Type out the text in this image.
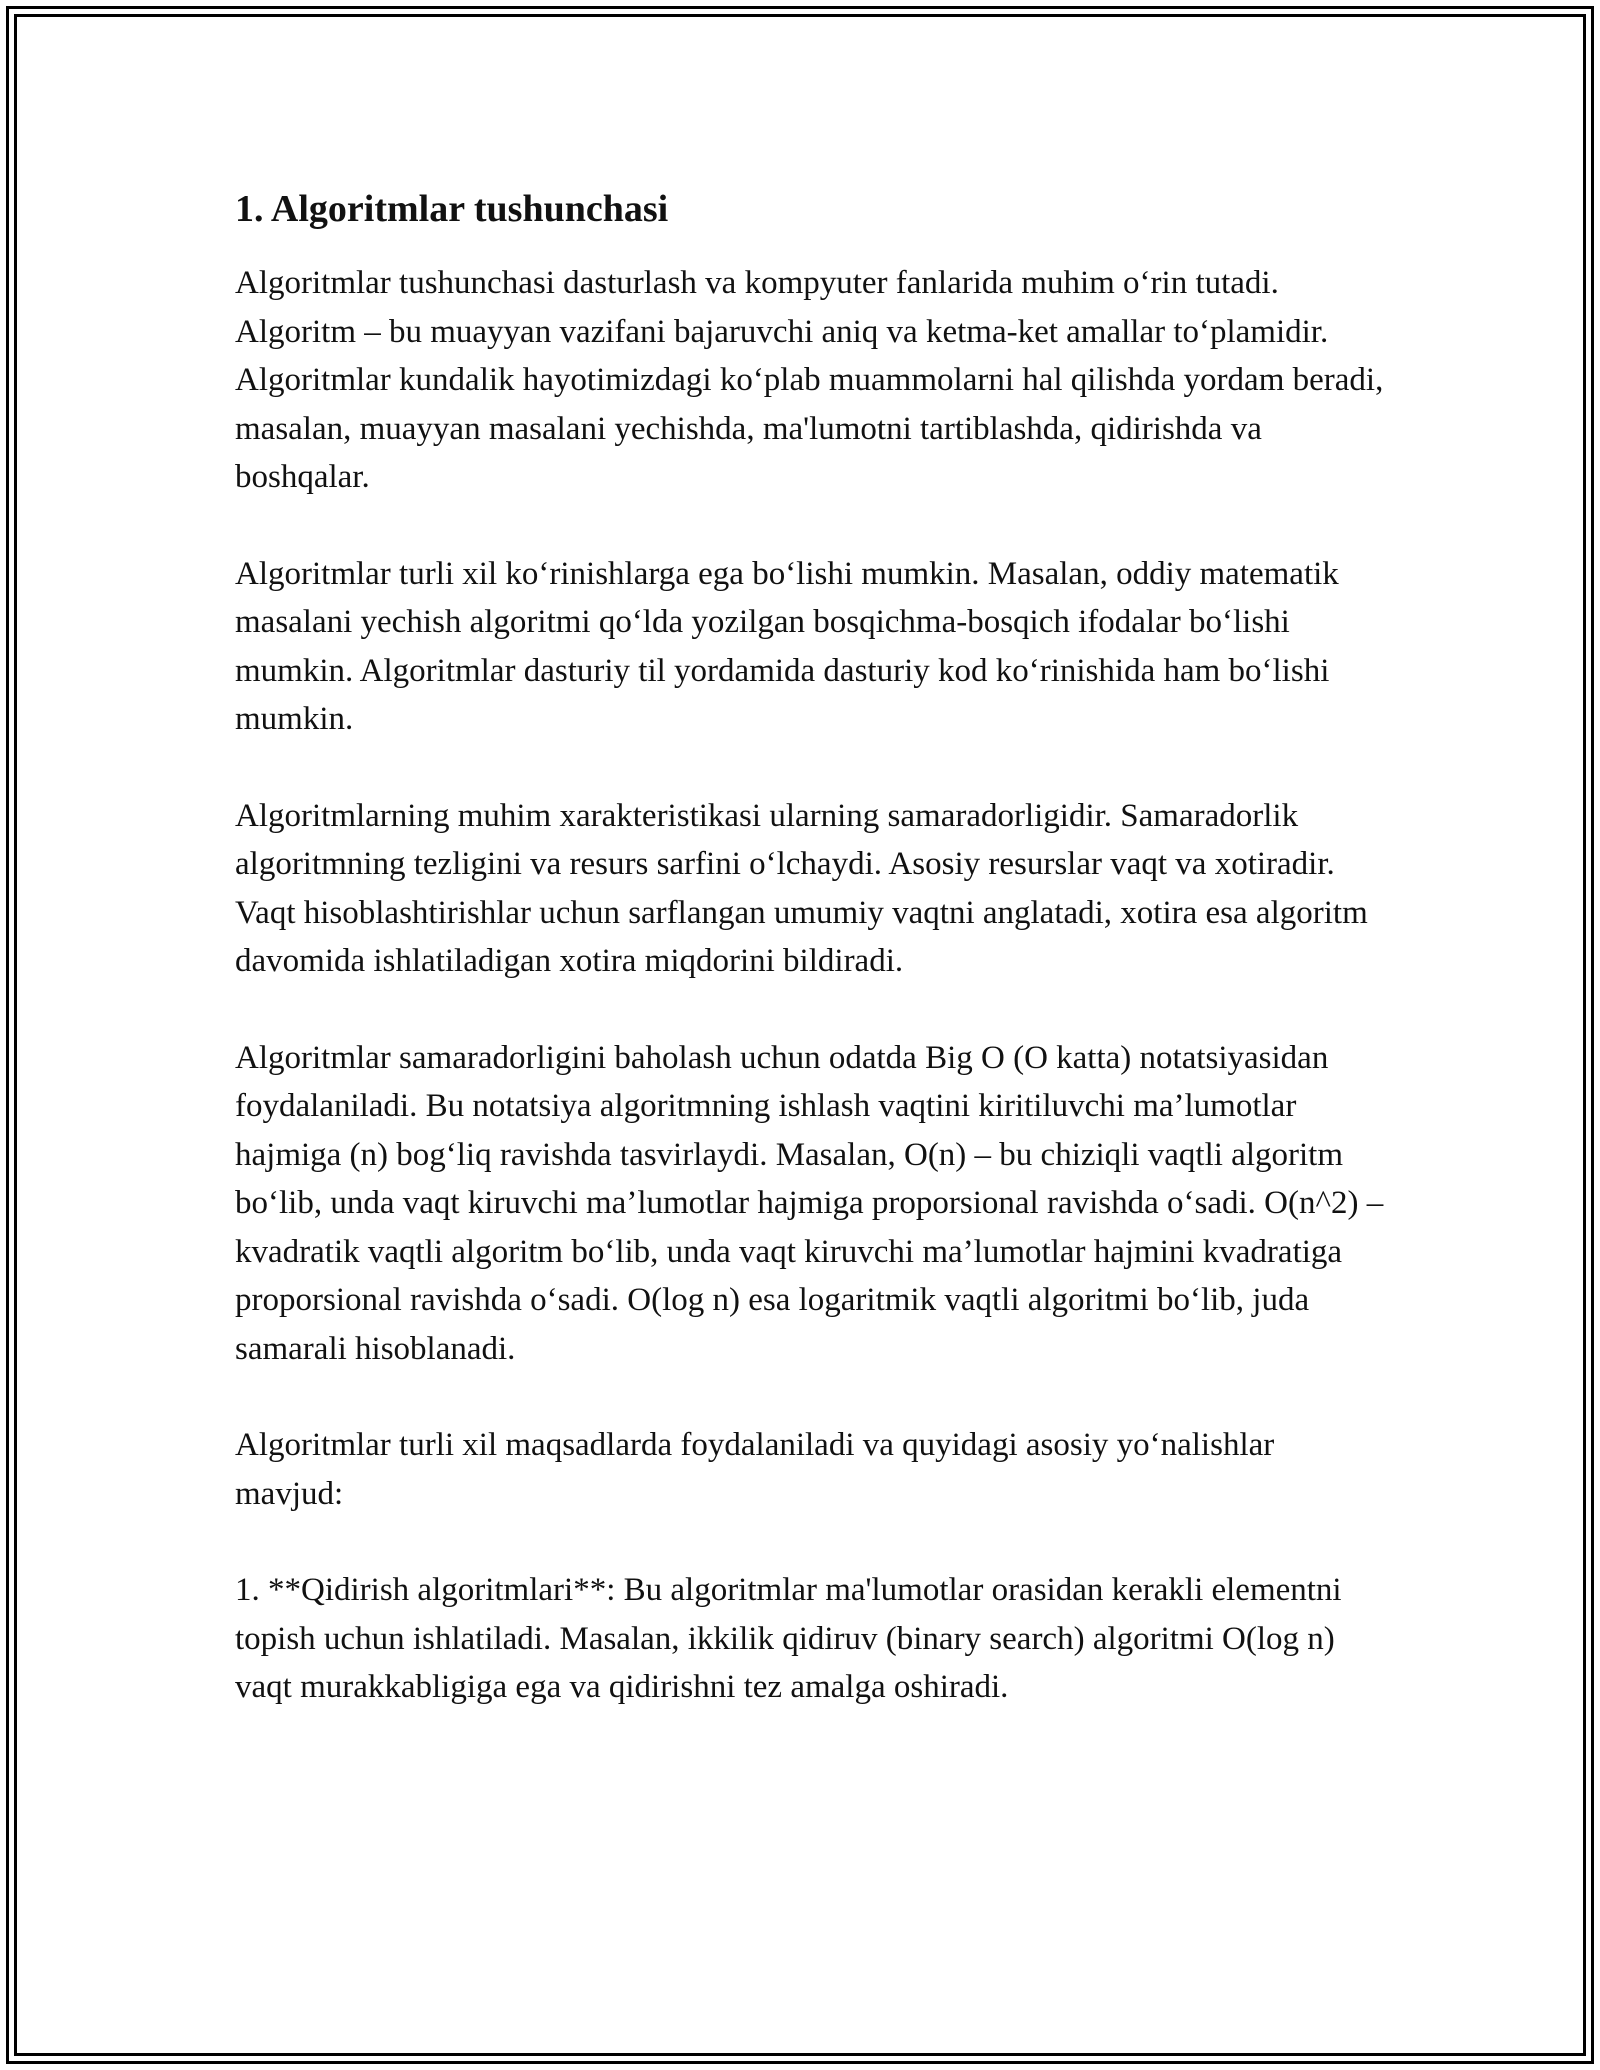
1. Algoritmlar tushunchasi

Algoritmlar tushunchasi dasturlash va kompyuter fanlarida muhim o‘rin tutadi. Algoritm – bu muayyan vazifani bajaruvchi aniq va ketma-ket amallar to‘plamidir. Algoritmlar kundalik hayotimizdagi ko‘plab muammolarni hal qilishda yordam beradi, masalan, muayyan masalani yechishda, ma'lumotni tartiblashda, qidirishda va boshqalar.

Algoritmlar turli xil ko‘rinishlarga ega bo‘lishi mumkin. Masalan, oddiy matematik masalani yechish algoritmi qo‘lda yozilgan bosqichma-bosqich ifodalar bo‘lishi mumkin. Algoritmlar dasturiy til yordamida dasturiy kod ko‘rinishida ham bo‘lishi mumkin.

Algoritmlarning muhim xarakteristikasi ularning samaradorligidir. Samaradorlik algoritmning tezligini va resurs sarfini o‘lchaydi. Asosiy resurslar vaqt va xotiradir. Vaqt hisoblashtirishlar uchun sarflangan umumiy vaqtni anglatadi, xotira esa algoritm davomida ishlatiladigan xotira miqdorini bildiradi.

Algoritmlar samaradorligini baholash uchun odatda Big O (O katta) notatsiyasidan foydalaniladi. Bu notatsiya algoritmning ishlash vaqtini kiritiluvchi ma’lumotlar hajmiga (n) bog‘liq ravishda tasvirlaydi. Masalan, O(n) – bu chiziqli vaqtli algoritm bo‘lib, unda vaqt kiruvchi ma’lumotlar hajmiga proporsional ravishda o‘sadi. O(n^2) – kvadratik vaqtli algoritm bo‘lib, unda vaqt kiruvchi ma’lumotlar hajmini kvadratiga proporsional ravishda o‘sadi. O(log n) esa logaritmik vaqtli algoritmi bo‘lib, juda samarali hisoblanadi.

Algoritmlar turli xil maqsadlarda foydalaniladi va quyidagi asosiy yo‘nalishlar mavjud:

1. **Qidirish algoritmlari**: Bu algoritmlar ma'lumotlar orasidan kerakli elementni topish uchun ishlatiladi. Masalan, ikkilik qidiruv (binary search) algoritmi O(log n) vaqt murakkabligiga ega va qidirishni tez amalga oshiradi.
